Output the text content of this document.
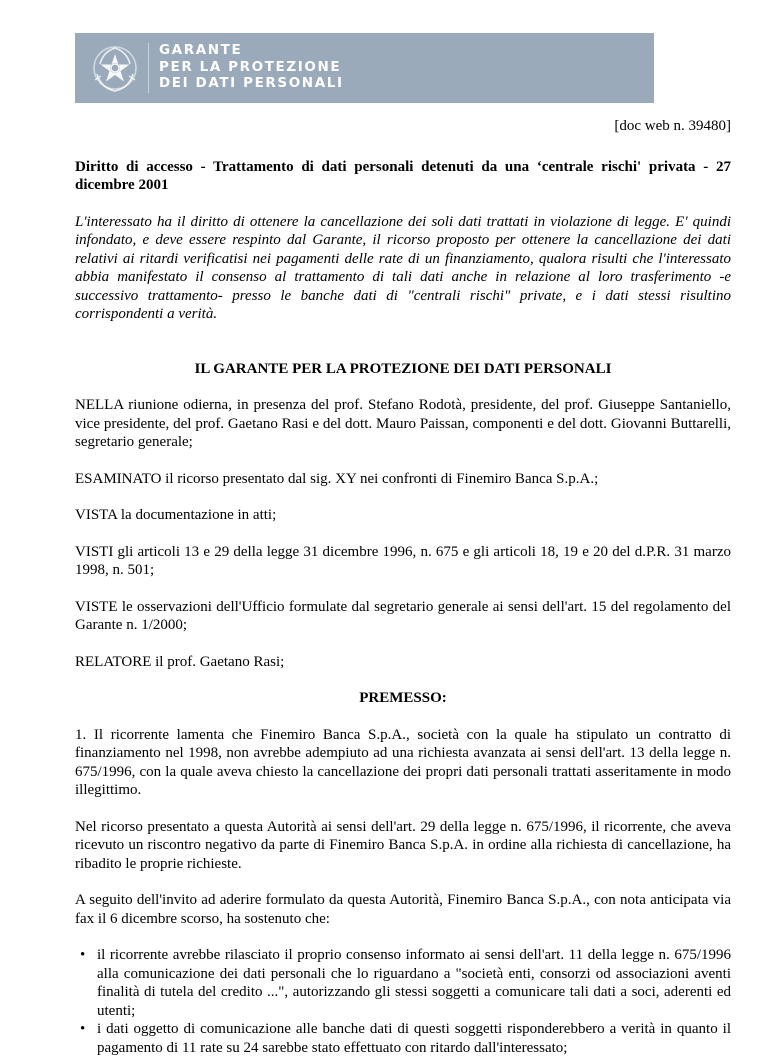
GARANTE
PER LA PROTEZIONE
DEI DATI PERSONALI

[doc web n. 39480]

Diritto di accesso - Trattamento di dati personali detenuti da una ‘centrale rischi' privata - 27 dicembre 2001

L'interessato ha il diritto di ottenere la cancellazione dei soli dati trattati in violazione di legge. E' quindi infondato, e deve essere respinto dal Garante, il ricorso proposto per ottenere la cancellazione dei dati relativi ai ritardi verificatisi nei pagamenti delle rate di un finanziamento, qualora risulti che l'interessato abbia manifestato il consenso al trattamento di tali dati anche in relazione al loro trasferimento -e successivo trattamento- presso le banche dati di "centrali rischi" private, e i dati stessi risultino corrispondenti a verità.

IL GARANTE PER LA PROTEZIONE DEI DATI PERSONALI

NELLA riunione odierna, in presenza del prof. Stefano Rodotà, presidente, del prof. Giuseppe Santaniello, vice presidente, del prof. Gaetano Rasi e del dott. Mauro Paissan, componenti e del dott. Giovanni Buttarelli, segretario generale;

ESAMINATO il ricorso presentato dal sig. XY nei confronti di Finemiro Banca S.p.A.;

VISTA la documentazione in atti;

VISTI gli articoli 13 e 29 della legge 31 dicembre 1996, n. 675 e gli articoli 18, 19 e 20 del d.P.R. 31 marzo 1998, n. 501;

VISTE le osservazioni dell'Ufficio formulate dal segretario generale ai sensi dell'art. 15 del regolamento del Garante n. 1/2000;

RELATORE il prof. Gaetano Rasi;

PREMESSO:

1. Il ricorrente lamenta che Finemiro Banca S.p.A., società con la quale ha stipulato un contratto di finanziamento nel 1998, non avrebbe adempiuto ad una richiesta avanzata ai sensi dell'art. 13 della legge n. 675/1996, con la quale aveva chiesto la cancellazione dei propri dati personali trattati asseritamente in modo illegittimo.

Nel ricorso presentato a questa Autorità ai sensi dell'art. 29 della legge n. 675/1996, il ricorrente, che aveva ricevuto un riscontro negativo da parte di Finemiro Banca S.p.A. in ordine alla richiesta di cancellazione, ha ribadito le proprie richieste.

A seguito dell'invito ad aderire formulato da questa Autorità, Finemiro Banca S.p.A., con nota anticipata via fax il 6 dicembre scorso, ha sostenuto che:

• il ricorrente avrebbe rilasciato il proprio consenso informato ai sensi dell'art. 11 della legge n. 675/1996 alla comunicazione dei dati personali che lo riguardano a "società enti, consorzi od associazioni aventi finalità di tutela del credito ...", autorizzando gli stessi soggetti a comunicare tali dati a soci, aderenti ed utenti;
• i dati oggetto di comunicazione alle banche dati di questi soggetti risponderebbero a verità in quanto il pagamento di 11 rate su 24 sarebbe stato effettuato con ritardo dall'interessato;
